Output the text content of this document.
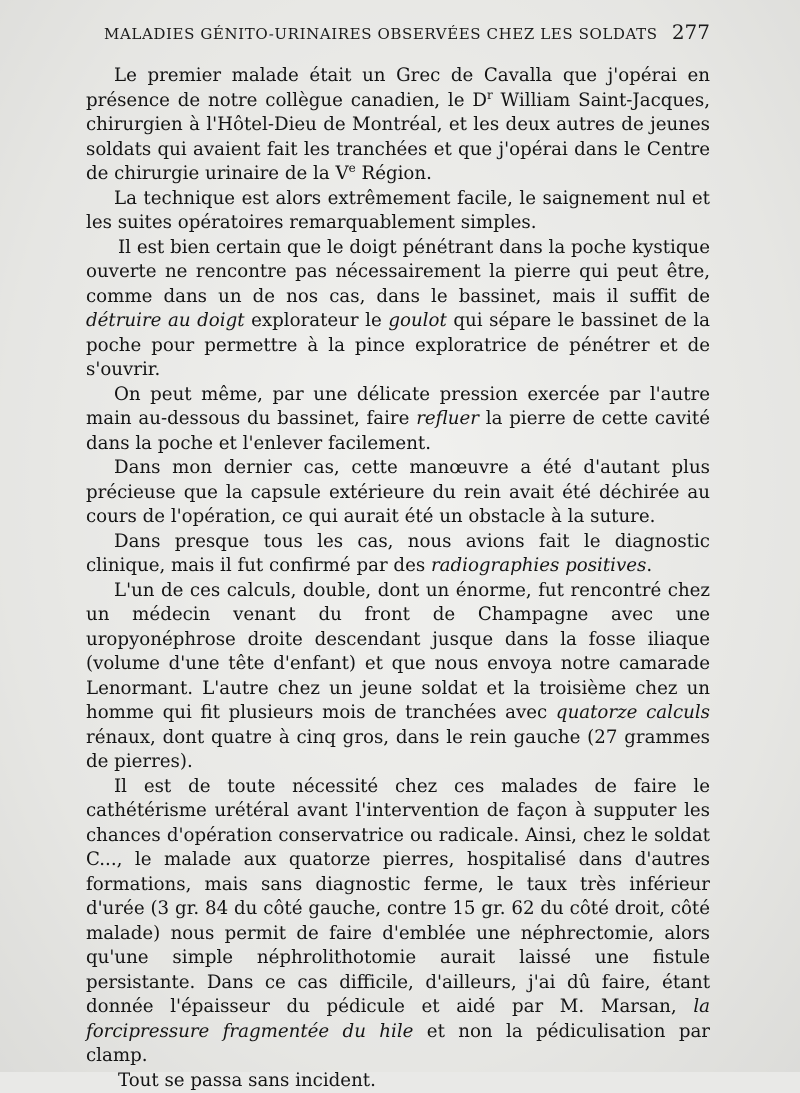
MALADIES GÉNITO-URINAIRES OBSERVÉES CHEZ LES SOLDATS 277

Le premier malade était un Grec de Cavalla que j'opérai en présence de notre collègue canadien, le $D^r$ William Saint-Jacques, chirurgien à l'Hôtel-Dieu de Montréal, et les deux autres de jeunes soldats qui avaient fait les tranchées et que j'opérai dans le Centre de chirurgie urinaire de la Ve Région.

La technique est alors extrêmement facile, le saignement nul et les suites opératoires remarquablement simples.

Il est bien certain que le doigt pénétrant dans la poche kystique ouverte ne rencontre pas nécessairement la pierre qui peut être, comme dans un de nos cas, dans le bassinet, mais il suffit de détruire au doigt explorateur le goulot qui sépare le bassinet de la poche pour permettre à la pince exploratrice de pénétrer et de s'ouvrir.

On peut même, par une délicate pression exercée par l'autre main au-dessous du bassinet, faire refluer la pierre de cette cavité dans la poche et l'enlever facilement.

Dans mon dernier cas, cette manœuvre a été d'autant plus précieuse que la capsule extérieure du rein avait été déchirée au cours de l'opération, ce qui aurait été un obstacle à la suture.

Dans presque tous les cas, nous avions fait le diagnostic clinique, mais il fut confirmé par des radiographies positives.

L'un de ces calculs, double, dont un énorme, fut rencontré chez un médecin venant du front de Champagne avec une uropyonéphrose droite descendant jusque dans la fosse iliaque (volume d'une tête d'enfant) et que nous envoya notre camarade Lenormant. L'autre chez un jeune soldat et la troisième chez un homme qui fit plusieurs mois de tranchées avec quatorze calculs rénaux, dont quatre à cinq gros, dans le rein gauche (27 grammes de pierres).

Il est de toute nécessité chez ces malades de faire le cathétérisme urétéral avant l'intervention de façon à supputer les chances d'opération conservatrice ou radicale. Ainsi, chez le soldat C..., le malade aux quatorze pierres, hospitalisé dans d'autres formations, mais sans diagnostic ferme, le taux très inférieur d'urée (3 gr. 84 du côté gauche, contre 15 gr. 62 du côté droit, côté malade) nous permit de faire d'emblée une néphrectomie, alors qu'une simple néphrolithotomie aurait laissé une fistule persistante. Dans ce cas difficile, d'ailleurs, j'ai dû faire, étant donnée l'épaisseur du pédicule et aidé par M. Marsan, la forcipressure fragmentée du hile et non la pédiculisation par clamp.

Tout se passa sans incident.
